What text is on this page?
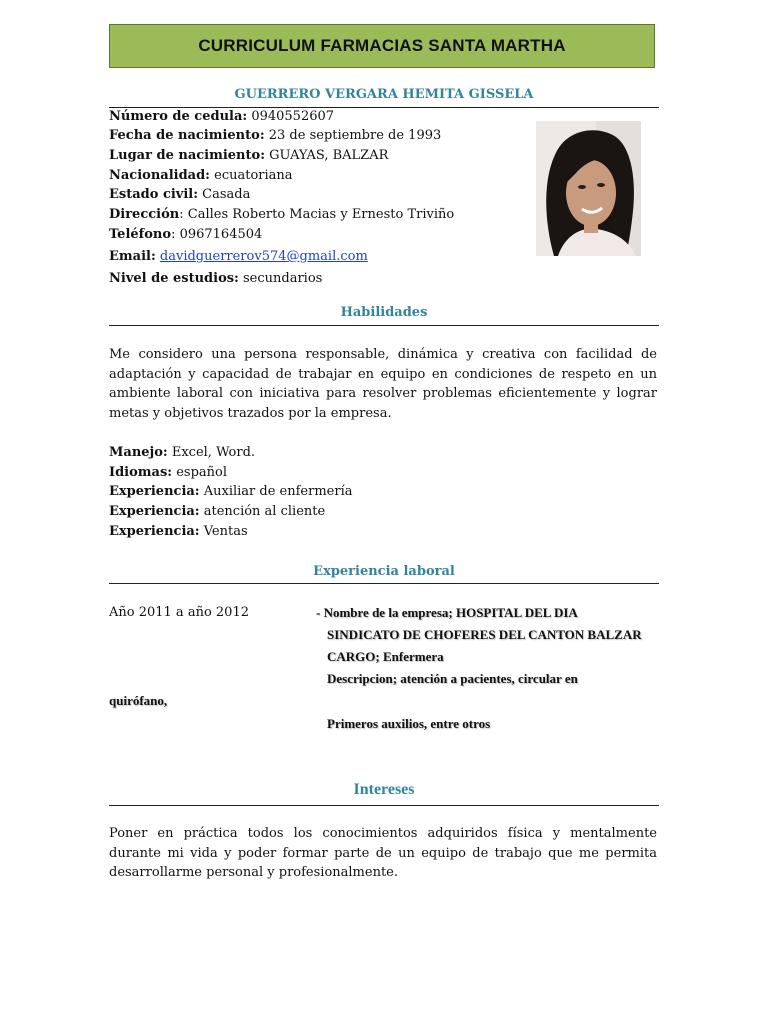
CURRICULUM FARMACIAS SANTA MARTHA
GUERRERO VERGARA HEMITA GISSELA
Número de cedula: 0940552607
Fecha de nacimiento: 23 de septiembre de 1993
Lugar de nacimiento: GUAYAS, BALZAR
Nacionalidad: ecuatoriana
Estado civil: Casada
Dirección: Calles Roberto Macias y Ernesto Triviño
Teléfono: 0967164504
Email: davidguerrerov574@gmail.com
Nivel de estudios: secundarios
Habilidades

Me considero una persona responsable, dinámica y creativa con facilidad de adaptación y capacidad de trabajar en equipo en condiciones de respeto en un ambiente laboral con iniciativa para resolver problemas eficientemente y lograr metas y objetivos trazados por la empresa.

Manejo: Excel, Word.
Idiomas: español
Experiencia: Auxiliar de enfermería
Experiencia: atención al cliente
Experiencia: Ventas
Experiencia laboral
Año 2011 a año 2012	- Nombre de la empresa; HOSPITAL DEL DIA
SINDICATO DE CHOFERES DEL CANTON BALZAR
CARGO; Enfermera
Descripcion; atención a pacientes, circular en
quirófano,
Primeros auxilios, entre otros
Intereses

Poner en práctica todos los conocimientos adquiridos física y mentalmente durante mi vida y poder formar parte de un equipo de trabajo que me permita desarrollarme personal y profesionalmente.
